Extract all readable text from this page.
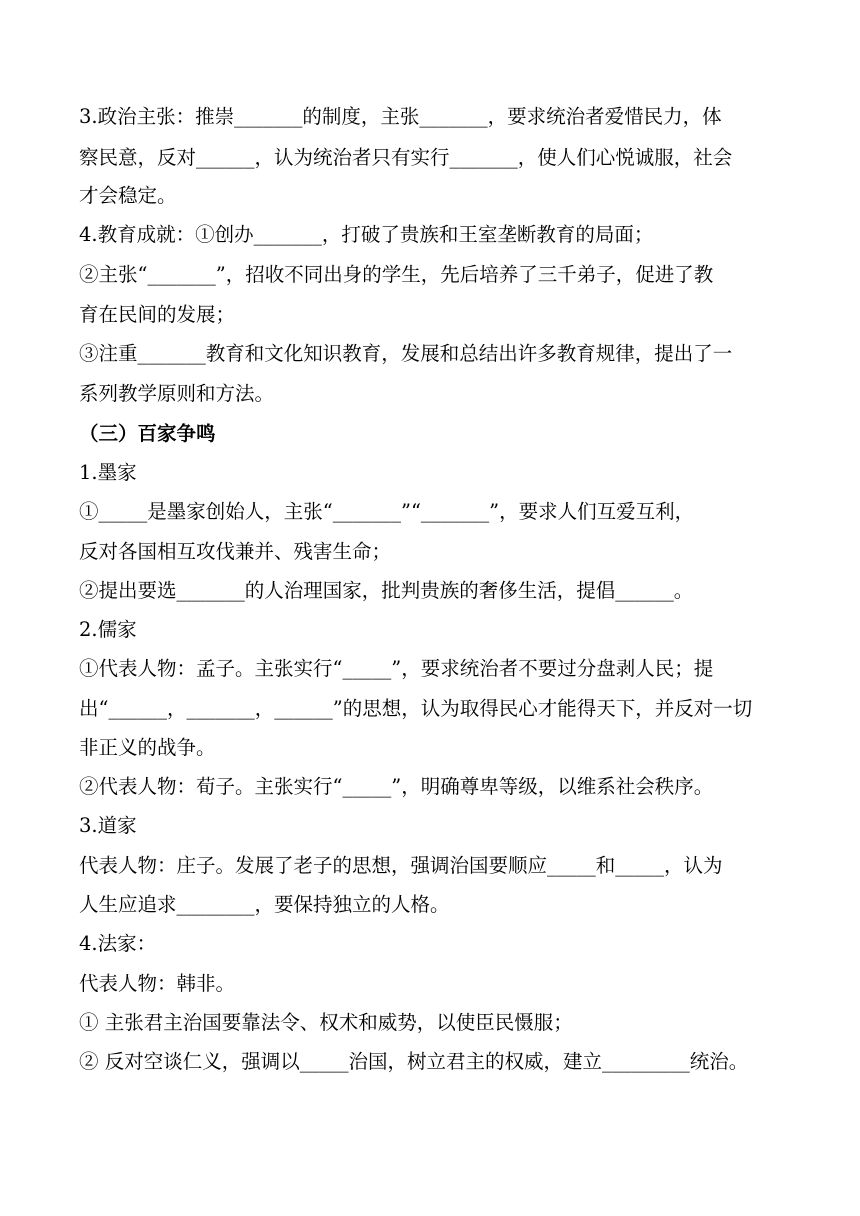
3.政治主张：推崇_______的制度，主张_______，要求统治者爱惜民力，体
察民意，反对______，认为统治者只有实行_______，使人们心悦诚服，社会
才会稳定。
4.教育成就：①创办_______，打破了贵族和王室垄断教育的局面；
②主张“_______”，招收不同出身的学生，先后培养了三千弟子，促进了教
育在民间的发展；
③注重_______教育和文化知识教育，发展和总结出许多教育规律，提出了一
系列教学原则和方法。
（三）百家争鸣
1.墨家
①_____是墨家创始人，主张“_______”“_______”，要求人们互爱互利，
反对各国相互攻伐兼并、残害生命；
②提出要选_______的人治理国家，批判贵族的奢侈生活，提倡______。
2.儒家
①代表人物：孟子。主张实行“_____”，要求统治者不要过分盘剥人民；提
出“______，_______，______”的思想，认为取得民心才能得天下，并反对一切
非正义的战争。
②代表人物：荀子。主张实行“_____”，明确尊卑等级，以维系社会秩序。
3.道家
代表人物：庄子。发展了老子的思想，强调治国要顺应_____和_____，认为
人生应追求________，要保持独立的人格。
4.法家：
代表人物：韩非。
① 主张君主治国要靠法令、权术和威势，以使臣民慑服；
② 反对空谈仁义，强调以_____治国，树立君主的权威，建立_________统治。
